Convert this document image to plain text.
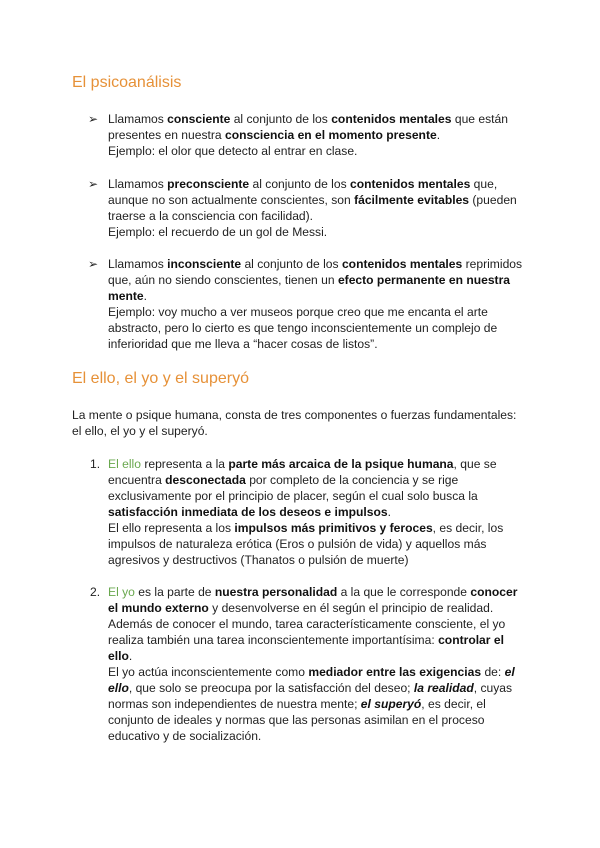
El psicoanálisis
➢ Llamamos consciente al conjunto de los contenidos mentales que están
presentes en nuestra consciencia en el momento presente.
Ejemplo: el olor que detecto al entrar en clase.
➢ Llamamos preconsciente al conjunto de los contenidos mentales que,
aunque no son actualmente conscientes, son fácilmente evitables (pueden
traerse a la consciencia con facilidad).
Ejemplo: el recuerdo de un gol de Messi.
➢ Llamamos inconsciente al conjunto de los contenidos mentales reprimidos
que, aún no siendo conscientes, tienen un efecto permanente en nuestra
mente.
Ejemplo: voy mucho a ver museos porque creo que me encanta el arte
abstracto, pero lo cierto es que tengo inconscientemente un complejo de
inferioridad que me lleva a “hacer cosas de listos”.
El ello, el yo y el superyó
La mente o psique humana, consta de tres componentes o fuerzas fundamentales:
el ello, el yo y el superyó.
1. El ello representa a la parte más arcaica de la psique humana, que se
encuentra desconectada por completo de la conciencia y se rige
exclusivamente por el principio de placer, según el cual solo busca la
satisfacción inmediata de los deseos e impulsos.
El ello representa a los impulsos más primitivos y feroces, es decir, los
impulsos de naturaleza erótica (Eros o pulsión de vida) y aquellos más
agresivos y destructivos (Thanatos o pulsión de muerte)
2. El yo es la parte de nuestra personalidad a la que le corresponde conocer
el mundo externo y desenvolverse en él según el principio de realidad.
Además de conocer el mundo, tarea característicamente consciente, el yo
realiza también una tarea inconscientemente importantísima: controlar el
ello.
El yo actúa inconscientemente como mediador entre las exigencias de: el
ello, que solo se preocupa por la satisfacción del deseo; la realidad, cuyas
normas son independientes de nuestra mente; el superyó, es decir, el
conjunto de ideales y normas que las personas asimilan en el proceso
educativo y de socialización.
